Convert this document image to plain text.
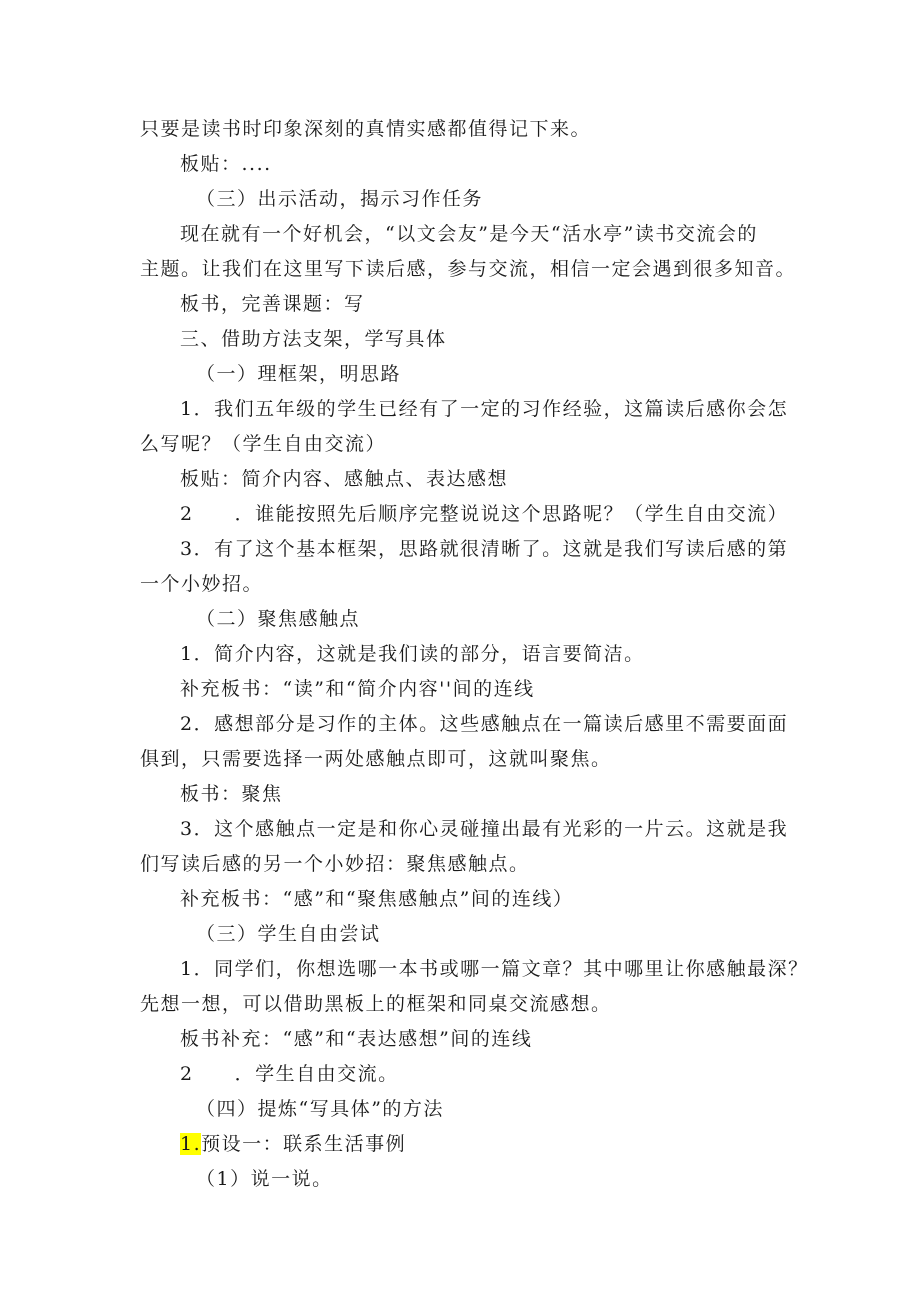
只要是读书时印象深刻的真情实感都值得记下来。
板贴：....
（三）出示活动，揭示习作任务
现在就有一个好机会，“以文会友”是今天“活水亭”读书交流会的
主题。让我们在这里写下读后感，参与交流，相信一定会遇到很多知音。
板书，完善课题：写
三、借助方法支架，学写具体
（一）理框架，明思路
1．我们五年级的学生已经有了一定的习作经验，这篇读后感你会怎
么写呢？（学生自由交流）
板贴：简介内容、感触点、表达感想
2　　．谁能按照先后顺序完整说说这个思路呢？（学生自由交流）
3．有了这个基本框架，思路就很清晰了。这就是我们写读后感的第
一个小妙招。
（二）聚焦感触点
1．简介内容，这就是我们读的部分，语言要简洁。
补充板书：“读”和“简介内容''间的连线
2．感想部分是习作的主体。这些感触点在一篇读后感里不需要面面
俱到，只需要选择一两处感触点即可，这就叫聚焦。
板书：聚焦
3．这个感触点一定是和你心灵碰撞出最有光彩的一片云。这就是我
们写读后感的另一个小妙招：聚焦感触点。
补充板书：“感”和“聚焦感触点”间的连线）
（三）学生自由尝试
1．同学们，你想选哪一本书或哪一篇文章？其中哪里让你感触最深？
先想一想，可以借助黑板上的框架和同桌交流感想。
板书补充：“感”和“表达感想”间的连线
2　　．学生自由交流。
（四）提炼“写具体”的方法
1.预设一：联系生活事例
（1）说一说。
